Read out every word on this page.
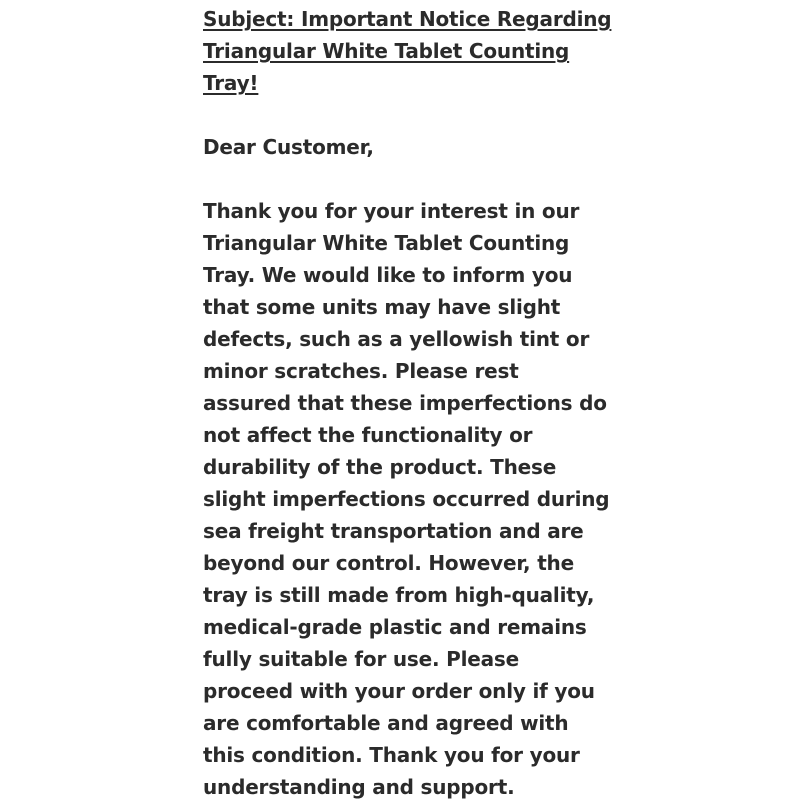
Subject: Important Notice Regarding Triangular White Tablet Counting Tray!

Dear Customer,

Thank you for your interest in our Triangular White Tablet Counting Tray. We would like to inform you that some units may have slight defects, such as a yellowish tint or minor scratches. Please rest assured that these imperfections do not affect the functionality or durability of the product. These slight imperfections occurred during sea freight transportation and are beyond our control. However, the tray is still made from high-quality, medical-grade plastic and remains fully suitable for use. Please proceed with your order only if you are comfortable and agreed with this condition. Thank you for your understanding and support.
